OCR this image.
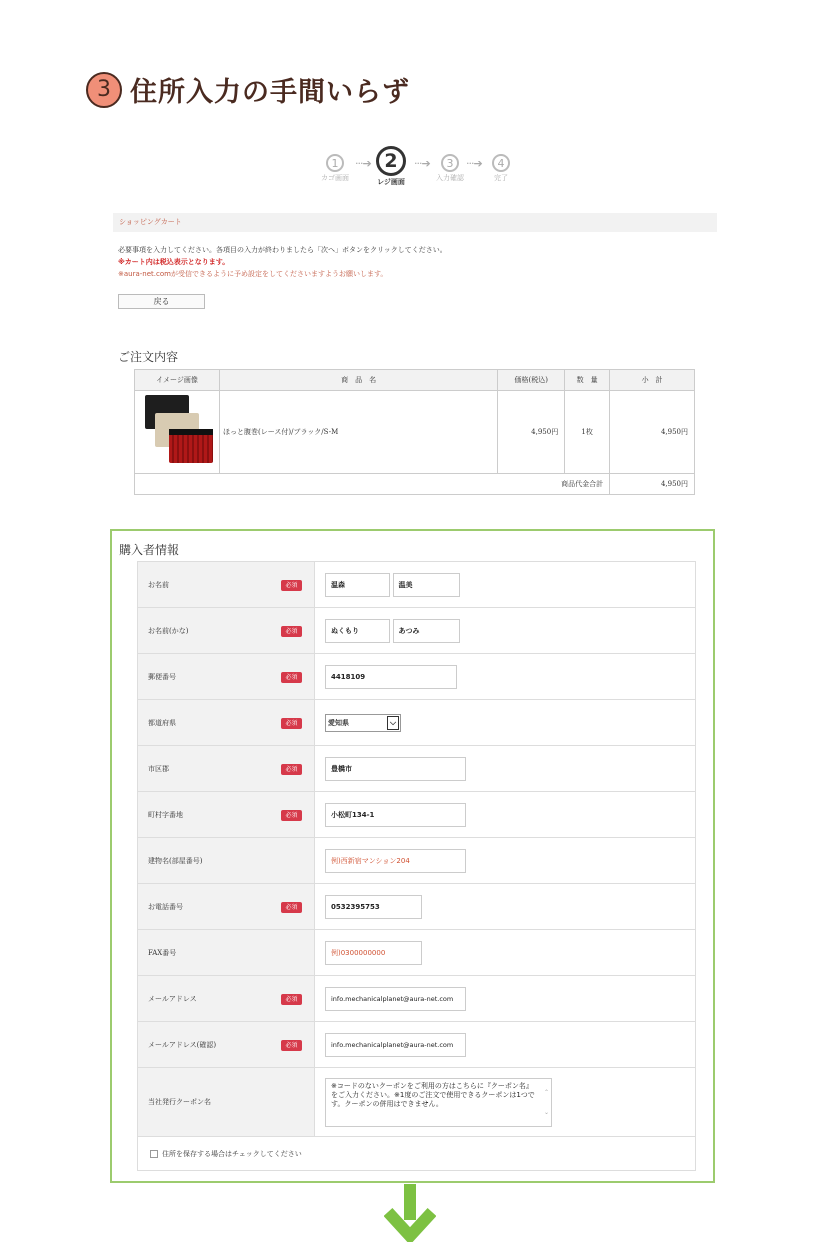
3 住所入力の手間いらず
1
カゴ画面
···➔ 2
レジ画面
···➔	3
入力確認
···➔	4
完了
ショッピングカート
必要事項を入力してください。各項目の入力が終わりましたら「次へ」ボタンをクリックしてください。
※カート内は税込表示となります。
※aura-net.comが受信できるように予め設定をしてくださいますようお願いします。
戻る
ご注文内容
イメージ画像	商　品　名	価格(税込)	数　量	小　計

	ほっと腹巻(レース付)/ブラック/S-M	4,950円	1枚	4,950円
商品代金合計				4,950円
購入者情報
お名前 必須	温森 温美
お名前(かな) 必須	ぬくもり あつみ
郵便番号 必須	4418109
都道府県 必須	愛知県 ⌵

市区郡 必須	豊橋市
町村字番地 必須	小松町134-1
建物名(部屋番号)	例)西新宿マンション204
お電話番号 必須	0532395753
FAX番号	例)0300000000
メールアドレス 必須	info.mechanicalplanet@aura-net.com
メールアドレス(確認) 必須	info.mechanicalplanet@aura-net.com
当社発行クーポン名	※コードのないクーポンをご利用の方はこちらに『クーポン名』をご入力ください。※1度のご注文で使用できるクーポンは1つです。クーポンの併用はできません。
⌃
⌄

住所を保存する場合はチェックしてください	
